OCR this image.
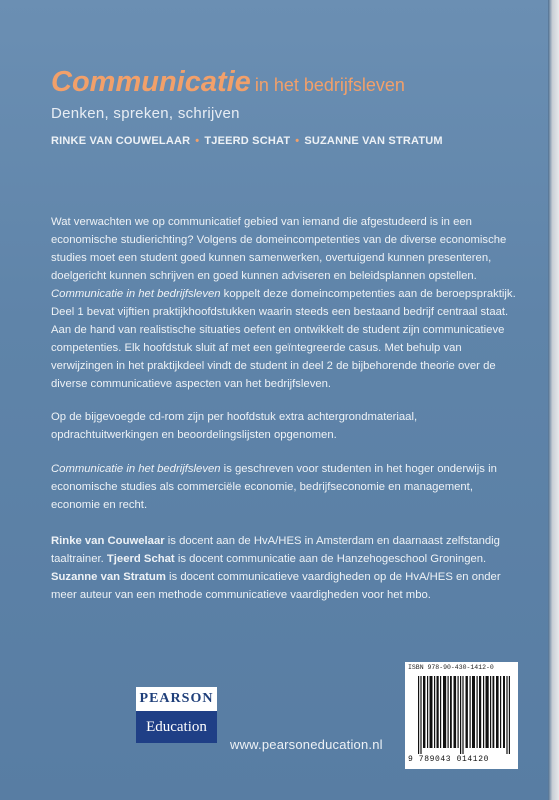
Communicatie in het bedrijfsleven
Denken, spreken, schrijven
RINKE VAN COUWELAAR • TJEERD SCHAT • SUZANNE VAN STRATUM

Wat verwachten we op communicatief gebied van iemand die afgestudeerd is in een economische studierichting? Volgens de domeincompetenties van de diverse economische studies moet een student goed kunnen samenwerken, overtuigend kunnen presenteren, doelgericht kunnen schrijven en goed kunnen adviseren en beleidsplannen opstellen. Communicatie in het bedrijfsleven koppelt deze domeincompetenties aan de beroepspraktijk. Deel 1 bevat vijftien praktijkhoofdstukken waarin steeds een bestaand bedrijf centraal staat. Aan de hand van realistische situaties oefent en ontwikkelt de student zijn communicatieve competenties. Elk hoofdstuk sluit af met een geïntegreerde casus. Met behulp van verwijzingen in het praktijkdeel vindt de student in deel 2 de bijbehorende theorie over de diverse communicatieve aspecten van het bedrijfsleven.

Op de bijgevoegde cd-rom zijn per hoofdstuk extra achtergrondmateriaal, opdrachtuitwerkingen en beoordelingslijsten opgenomen.

Communicatie in het bedrijfsleven is geschreven voor studenten in het hoger onderwijs in economische studies als commerciële economie, bedrijfseconomie en management, economie en recht.

Rinke van Couwelaar is docent aan de HvA/HES in Amsterdam en daarnaast zelfstandig taaltrainer. Tjeerd Schat is docent communicatie aan de Hanzehogeschool Groningen. Suzanne van Stratum is docent communicatieve vaardigheden op de HvA/HES en onder meer auteur van een methode communicatieve vaardigheden voor het mbo.

ISBN 978-90-430-1412-0
9 789043 014120
PEARSON
Education
www.pearsoneducation.nl
